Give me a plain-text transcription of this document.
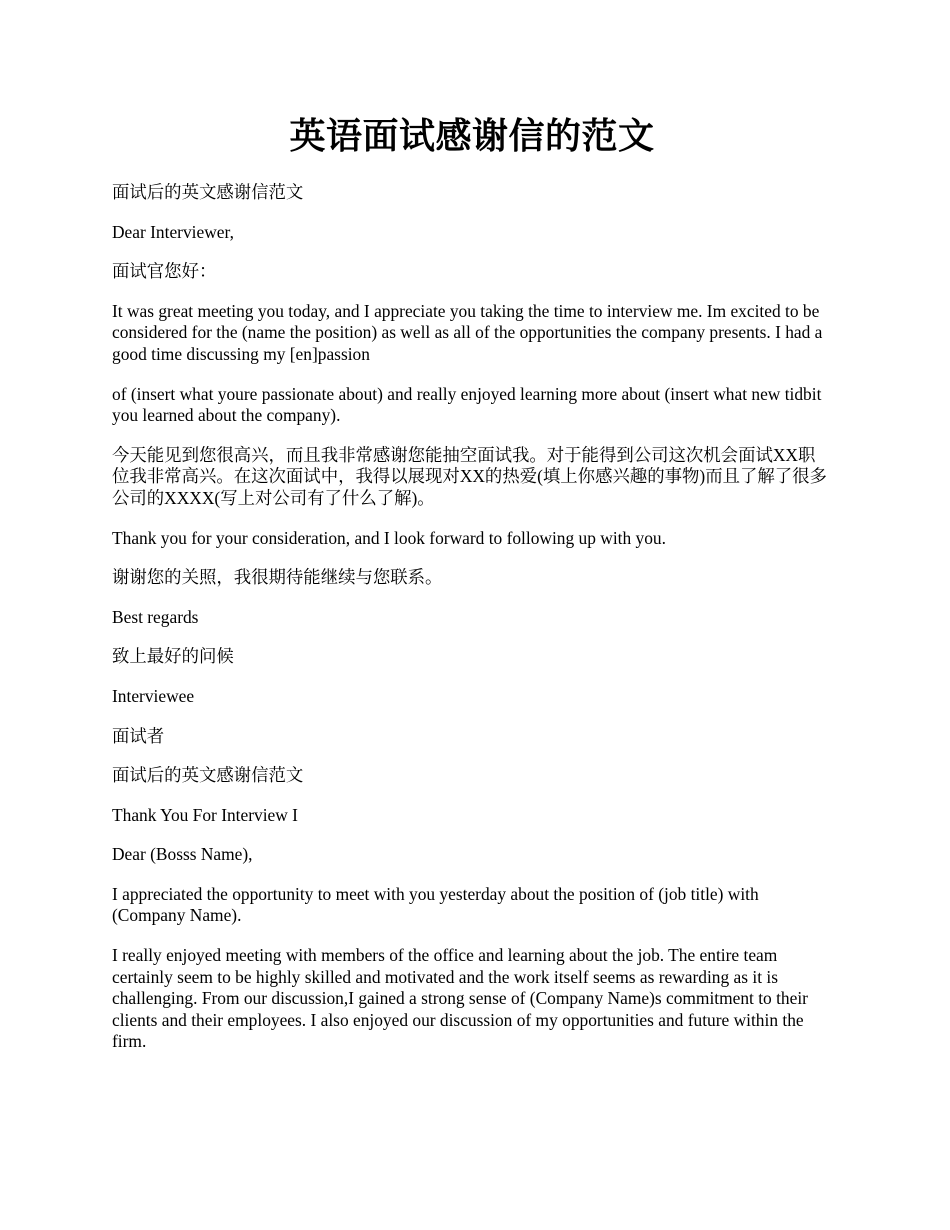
英语面试感谢信的范文

面试后的英文感谢信范文

Dear Interviewer,

面试官您好：

It was great meeting you today, and I appreciate you taking the time to interview me. Im excited to be considered for the (name the position) as well as all of the opportunities the company presents. I had a good time discussing my [en]passion

of (insert what youre passionate about) and really enjoyed learning more about (insert what new tidbit you learned about the company).

今天能见到您很高兴，而且我非常感谢您能抽空面试我。对于能得到公司这次机会面试XX职位我非常高兴。在这次面试中，我得以展现对XX的热爱(填上你感兴趣的事物)而且了解了很多公司的XXXX(写上对公司有了什么了解)。

Thank you for your consideration, and I look forward to following up with you.

谢谢您的关照，我很期待能继续与您联系。

Best regards

致上最好的问候

Interviewee

面试者

面试后的英文感谢信范文

Thank You For Interview I

Dear (Bosss Name),

I appreciated the opportunity to meet with you yesterday about the position of (job title) with (Company Name).

I really enjoyed meeting with members of the office and learning about the job. The entire team certainly seem to be highly skilled and motivated and the work itself seems as rewarding as it is challenging. From our discussion,I gained a strong sense of (Company Name)s commitment to their clients and their employees. I also enjoyed our discussion of my opportunities and future within the firm.
